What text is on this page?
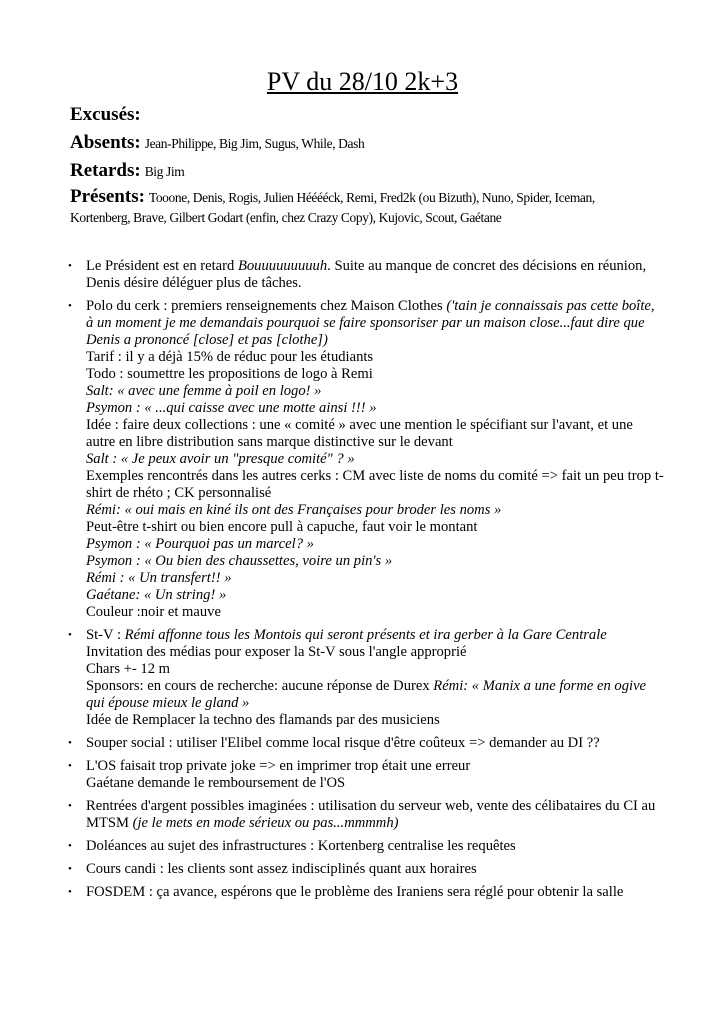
PV du 28/10 2k+3
Excusés:
Absents: Jean-Philippe, Big Jim, Sugus, While, Dash
Retards: Big Jim
Présents: Tooone, Denis, Rogis, Julien Hééééck, Remi, Fred2k (ou Bizuth), Nuno, Spider, Iceman, Kortenberg, Brave, Gilbert Godart (enfin, chez Crazy Copy), Kujovic, Scout, Gaétane
• Le Président est en retard Bouuuuuuuuuh. Suite au manque de concret des décisions en réunion, Denis désire déléguer plus de tâches.
• Polo du cerk : premiers renseignements chez Maison Clothes ('tain je connaissais pas cette boîte, à un moment je me demandais pourquoi se faire sponsoriser par un maison close...faut dire que Denis a prononcé [close] et pas [clothe])
Tarif : il y a déjà 15% de réduc pour les étudiants
Todo : soumettre les propositions de logo à Remi
Salt: « avec une femme à poil en logo! »
Psymon : « ...qui caisse avec une motte ainsi !!! »
Idée : faire deux collections : une « comité » avec une mention le spécifiant sur l'avant, et une autre en libre distribution sans marque distinctive sur le devant
Salt : « Je peux avoir un "presque comité" ? »
Exemples rencontrés dans les autres cerks : CM avec liste de noms du comité => fait un peu trop t-shirt de rhéto ; CK personnalisé
Rémi: « oui mais en kiné ils ont des Françaises pour broder les noms »
Peut-être t-shirt ou bien encore pull à capuche, faut voir le montant
Psymon : « Pourquoi pas un marcel? »
Psymon : « Ou bien des chaussettes, voire un pin's »
Rémi : « Un transfert!! »
Gaétane: « Un string! »
Couleur :noir et mauve
• St-V : Rémi affonne tous les Montois qui seront présents et ira gerber à la Gare Centrale
Invitation des médias pour exposer la St-V sous l'angle approprié
Chars +- 12 m
Sponsors: en cours de recherche: aucune réponse de Durex Rémi: « Manix a une forme en ogive qui épouse mieux le gland »
Idée de Remplacer la techno des flamands par des musiciens
• Souper social : utiliser l'Elibel comme local risque d'être coûteux => demander au DI ??
• L'OS faisait trop private joke => en imprimer trop était une erreur
Gaétane demande le remboursement de l'OS
• Rentrées d'argent possibles imaginées : utilisation du serveur web, vente des célibataires du CI au MTSM (je le mets en mode sérieux ou pas...mmmmh)
• Doléances au sujet des infrastructures : Kortenberg centralise les requêtes
• Cours candi : les clients sont assez indisciplinés quant aux horaires
• FOSDEM : ça avance, espérons que le problème des Iraniens sera réglé pour obtenir la salle
